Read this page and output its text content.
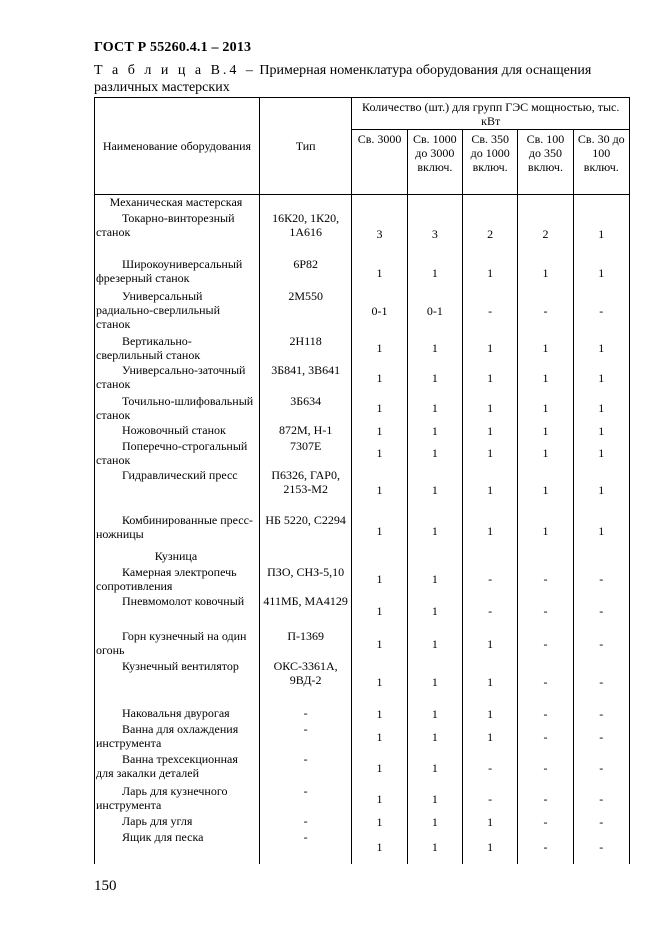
ГОСТ Р 55260.4.1 – 2013
Т а б л и ц а В.4 – Примерная номенклатура оборудования для оснащения
различных мастерских
Наименование оборудования	Тип	Количество (шт.) для групп ГЭС мощностью, тыс. кВт				
		Св. 3000	Св. 1000 до 3000 включ.	Св. 350 до 1000 включ.	Св. 100 до 350 включ.	Св. 30 до 100 включ.
Механическая мастерская						
Токарно-винторезный станок	16К20, 1К20, 1А616	3	3	2	2	1
Широкоуниверсальный фрезерный станок	6Р82	1	1	1	1	1
Универсальный радиально-сверлильный станок	2М550	0-1	0-1	-	-	-
Вертикально-сверлильный станок	2Н118	1	1	1	1	1
Универсально-заточный станок	3Б841, 3В641	1	1	1	1	1
Точильно-шлифовальный станок	3Б634	1	1	1	1	1
Ножовочный станок	872М, Н-1	1	1	1	1	1
Поперечно-строгальный станок	7307Е	1	1	1	1	1
Гидравлический пресс	П6326, ГАР0, 2153-М2	1	1	1	1	1
Комбинированные пресс-ножницы	НБ 5220, С2294	1	1	1	1	1
Кузница						
Камерная электропечь сопротивления	ПЗО, СНЗ-5,10	1	1	-	-	-
Пневмомолот ковочный	411МБ, МА4129	1	1	-	-	-
Горн кузнечный на один огонь	П-1369	1	1	1	-	-
Кузнечный вентилятор	ОКС-3361А, 9ВД-2	1	1	1	-	-
Наковальня двурогая	-	1	1	1	-	-
Ванна для охлаждения инструмента	-	1	1	1	-	-
Ванна трехсекционная для закалки деталей	-	1	1	-	-	-
Ларь для кузнечного инструмента	-	1	1	-	-	-
Ларь для угля	-	1	1	1	-	-
Ящик для песка	-	1	1	1	-	-
150
